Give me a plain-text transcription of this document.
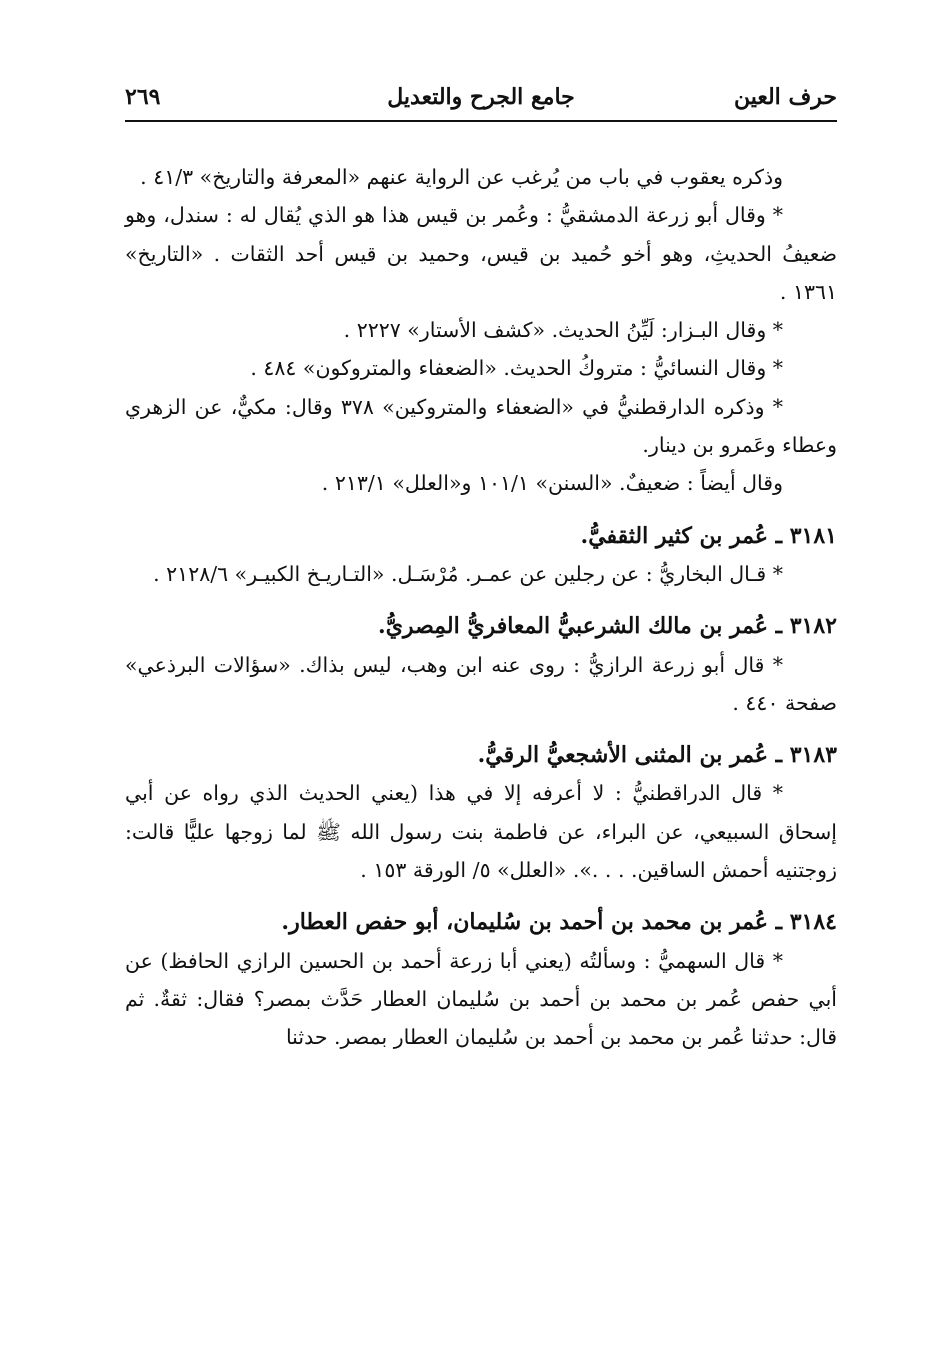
حرف العين
جامع الجرح والتعديل
٢٦٩

وذكره يعقوب في باب من يُرغب عن الرواية عنهم «المعرفة والتاريخ» ٤١/٣ .

* وقال أبو زرعة الدمشقيُّ : وعُمر بن قيس هذا هو الذي يُقال له : سندل، وهو ضعيفُ الحديثِ، وهو أخو حُميد بن قيس، وحميد بن قيس أحد الثقات . «التاريخ» ١٣٦١ .

* وقال البـزار: لَيِّنُ الحديث. «كشف الأستار» ٢٢٢٧ .

* وقال النسائيُّ : متروكُ الحديث. «الضعفاء والمتروكون» ٤٨٤ .

* وذكره الدارقطنيُّ في «الضعفاء والمتروكين» ٣٧٨ وقال: مكيٌّ، عن الزهري وعطاء وعَمرو بن دينار.

وقال أيضاً : ضعيفٌ. «السنن» ١٠١/١ و«العلل» ٢١٣/١ .

٣١٨١ ـ عُمر بن كثير الثقفيُّ.

* قـال البخاريُّ : عن رجلين عن عمـر. مُرْسَـل. «التـاريـخ الكبيـر» ٢١٢٨/٦ .

٣١٨٢ ـ عُمر بن مالك الشرعبيُّ المعافريُّ المِصريُّ.

* قال أبو زرعة الرازيُّ : روى عنه ابن وهب، ليس بذاك. «سؤالات البرذعي» صفحة ٤٤٠ .

٣١٨٣ ـ عُمر بن المثنى الأشجعيُّ الرقيُّ.

* قال الدراقطنيُّ : لا أعرفه إلا في هذا (يعني الحديث الذي رواه عن أبي إسحاق السبيعي، عن البراء، عن فاطمة بنت رسول الله ﷺ لما زوجها عليًّا قالت: زوجتنيه أحمش الساقين. . . .». «العلل» ٥/ الورقة ١٥٣ .

٣١٨٤ ـ عُمر بن محمد بن أحمد بن سُليمان، أبو حفص العطار.

* قال السهميُّ : وسألتُه (يعني أبا زرعة أحمد بن الحسين الرازي الحافظ) عن أبي حفص عُمر بن محمد بن أحمد بن سُليمان العطار حَدَّث بمصر؟ فقال: ثقةٌ. ثم قال: حدثنا عُمر بن محمد بن أحمد بن سُليمان العطار بمصر. حدثنا
